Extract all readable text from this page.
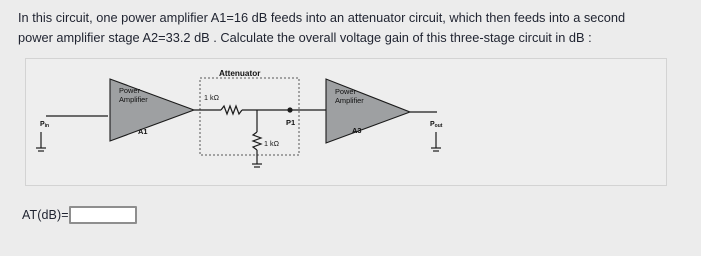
In this circuit, one power amplifier A1=16 dB feeds into an attenuator circuit, which then feeds into a second
power amplifier stage A2=33.2 dB . Calculate the overall voltage gain of this three-stage circuit in dB :
Pin
Power
Amplifier
A1
Attenuator
1 kΩ
P1
1 kΩ
Power
Amplifier
A3
Pout
AT(dB)=
